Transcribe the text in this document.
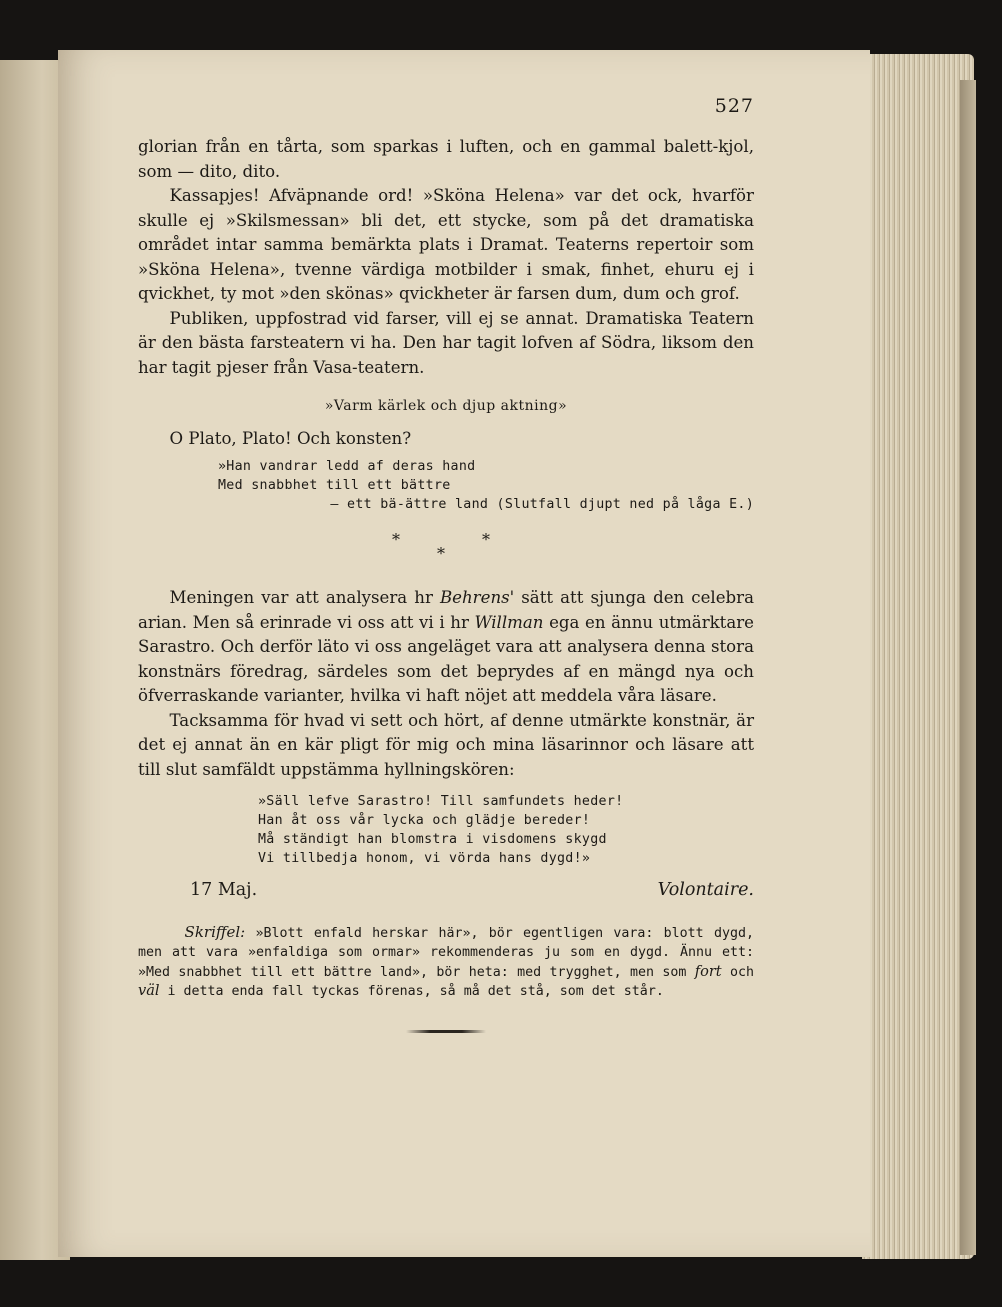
527

glorian från en tårta, som sparkas i luften, och en gammal balett-kjol, som — dito, dito.

Kassapjes! Afväpnande ord! »Sköna Helena» var det ock, hvarför skulle ej »Skilsmessan» bli det, ett stycke, som på det dramatiska området intar samma bemärkta plats i Dramat. Teaterns repertoir som »Sköna Helena», tvenne värdiga motbilder i smak, finhet, ehuru ej i qvickhet, ty mot »den skönas» qvickheter är farsen dum, dum och grof.

Publiken, uppfostrad vid farser, vill ej se annat. Dramatiska Teatern är den bästa farsteatern vi ha. Den har tagit lofven af Södra, liksom den har tagit pjeser från Vasa-teatern.

»Varm kärlek och djup aktning»

O Plato, Plato! Och konsten?

»Han vandrar ledd af deras hand
Med snabbhet till ett bättre
— ett bä-ättre land (Slutfall djupt ned på låga E.)
*	*
*

Meningen var att analysera hr Behrens' sätt att sjunga den celebra arian. Men så erinrade vi oss att vi i hr Willman ega en ännu utmärktare Sarastro. Och derför läto vi oss angeläget vara att analysera denna stora konstnärs föredrag, särdeles som det beprydes af en mängd nya och öfverraskande varianter, hvilka vi haft nöjet att meddela våra läsare.

Tacksamma för hvad vi sett och hört, af denne utmärkte konstnär, är det ej annat än en kär pligt för mig och mina läsarinnor och läsare att till slut samfäldt uppstämma hyllningskören:

»Säll lefve Sarastro! Till samfundets heder!
Han åt oss vår lycka och glädje bereder!
Må ständigt han blomstra i visdomens skygd
Vi tillbedja honom, vi vörda hans dygd!»
17 Maj.	Volontaire.

Skriffel: »Blott enfald herskar här», bör egentligen vara: blott dygd, men att vara »enfaldiga som ormar» rekommenderas ju som en dygd. Ännu ett: »Med snabbhet till ett bättre land», bör heta: med trygghet, men som fort och väl i detta enda fall tyckas förenas, så må det stå, som det står.
